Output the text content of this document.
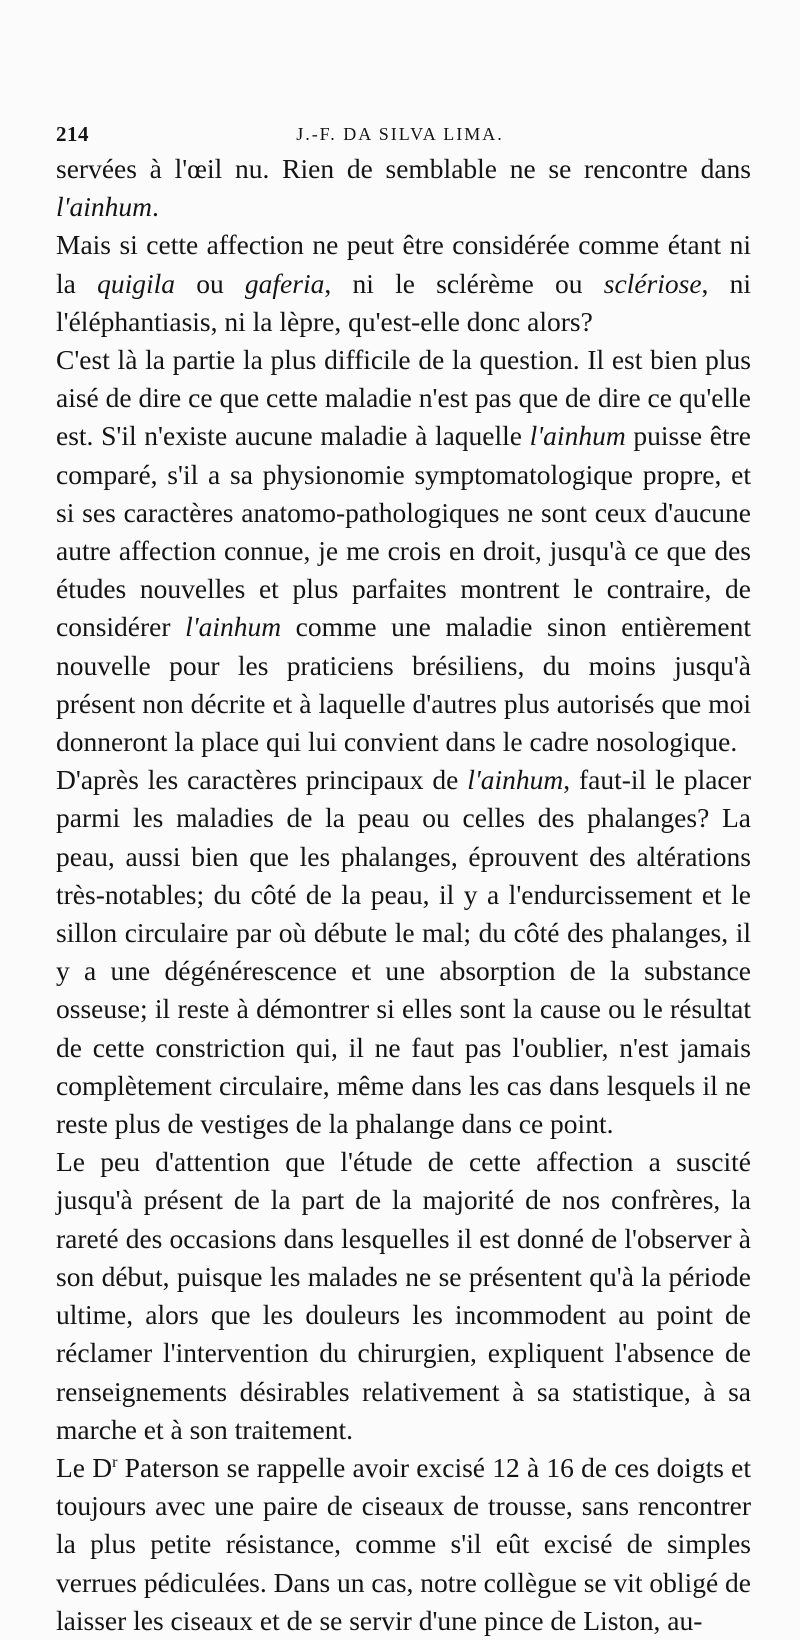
214	J.-F. DA SILVA LIMA.

servées à l'œil nu. Rien de semblable ne se rencontre dans l'ainhum.

Mais si cette affection ne peut être considérée comme étant ni la quigila ou gaferia, ni le sclérème ou sclériose, ni l'éléphantiasis, ni la lèpre, qu'est-elle donc alors?

C'est là la partie la plus difficile de la question. Il est bien plus aisé de dire ce que cette maladie n'est pas que de dire ce qu'elle est. S'il n'existe aucune maladie à laquelle l'ainhum puisse être comparé, s'il a sa physionomie symptomatologique propre, et si ses caractères anatomo-pathologiques ne sont ceux d'aucune autre affection connue, je me crois en droit, jusqu'à ce que des études nouvelles et plus parfaites montrent le contraire, de considérer l'ainhum comme une maladie sinon entièrement nouvelle pour les praticiens brésiliens, du moins jusqu'à présent non décrite et à laquelle d'autres plus autorisés que moi donneront la place qui lui convient dans le cadre nosologique.

D'après les caractères principaux de l'ainhum, faut-il le placer parmi les maladies de la peau ou celles des phalanges? La peau, aussi bien que les phalanges, éprouvent des altérations très-notables; du côté de la peau, il y a l'endurcissement et le sillon circulaire par où débute le mal; du côté des phalanges, il y a une dégénérescence et une absorption de la substance osseuse; il reste à démontrer si elles sont la cause ou le résultat de cette constriction qui, il ne faut pas l'oublier, n'est jamais complètement circulaire, même dans les cas dans lesquels il ne reste plus de vestiges de la phalange dans ce point.

Le peu d'attention que l'étude de cette affection a suscité jusqu'à présent de la part de la majorité de nos confrères, la rareté des occasions dans lesquelles il est donné de l'observer à son début, puisque les malades ne se présentent qu'à la période ultime, alors que les douleurs les incommodent au point de réclamer l'intervention du chirurgien, expliquent l'absence de renseignements désirables relativement à sa statistique, à sa marche et à son traitement.

Le $D^r$ Paterson se rappelle avoir excisé 12 à 16 de ces doigts et toujours avec une paire de ciseaux de trousse, sans rencontrer la plus petite résistance, comme s'il eût excisé de simples verrues pédiculées. Dans un cas, notre collègue se vit obligé de laisser les ciseaux et de se servir d'une pince de Liston, au-
